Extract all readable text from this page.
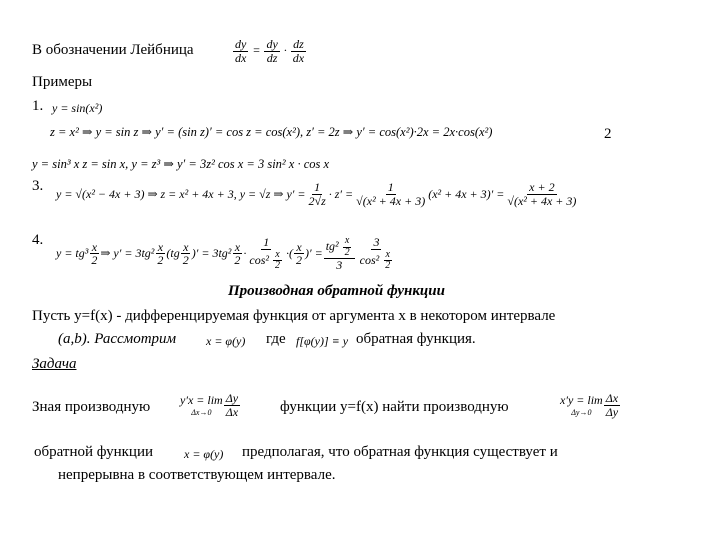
В обозначении Лейбница	$\frac{dy}{dx} = \frac{dy}{dz} \cdot \frac{dz}{dx}$
Примеры
1. y = sin(x²)
z = x² ⇒ y = sin z ⇒ y′ = (sin z)′ = cos z = cos(x²), z′ = 2z ⇒ y′ = cos(x²)·2x = 2x·cos(x²)	2
y = sin³ x z = sin x, y = z³ ⇒ y′ = 3z² cos x = 3 sin² x · cos x
3. y = √(x² − 4x + 3) ⇒ z = x² + 4x + 3, y = √z ⇒ $y' = \frac{1}{2√z} \cdot z' = \frac{1}{\text{√(x² + 4x + 3)}} (x^2 + 4x + 3)' = \frac{x + 2}{\text{√(x² + 4x + 3)}}$
4.
$y = tg^3 \frac{x}{2}$ ⇒ $y' = 3tg^2 \frac{x}{2} (tg \frac{x}{2}$ )′ = $3tg^2 \frac{x}{2} \cdot \frac{1}{\cos^2 \frac{x}{2}}$ · ( $\frac{x}{2}$ )′ = $\frac{tg^2 \frac{x}{2}}{3} \frac{3}{\cos^2 \frac{x}{2}}$
Производная обратной функции
Пусть y=f(x) - дифференцируемая функция от аргумента x в некотором интервале
(a,b). Рассмотрим x = φ(y) где f[φ(y)] ≡ y обратная функция.
Задача
Зная производную y′x = lim
$\Delta x\to 0 \frac{\Delta y}{\Delta x}$	функции y=f(x) найти производную	x′y = lim
$\Delta y\to 0 \frac{\Delta x}{\Delta y}$
обратной функции	x = φ(y) предполагая, что обратная функция существует и
непрерывна в соответствующем интервале.
